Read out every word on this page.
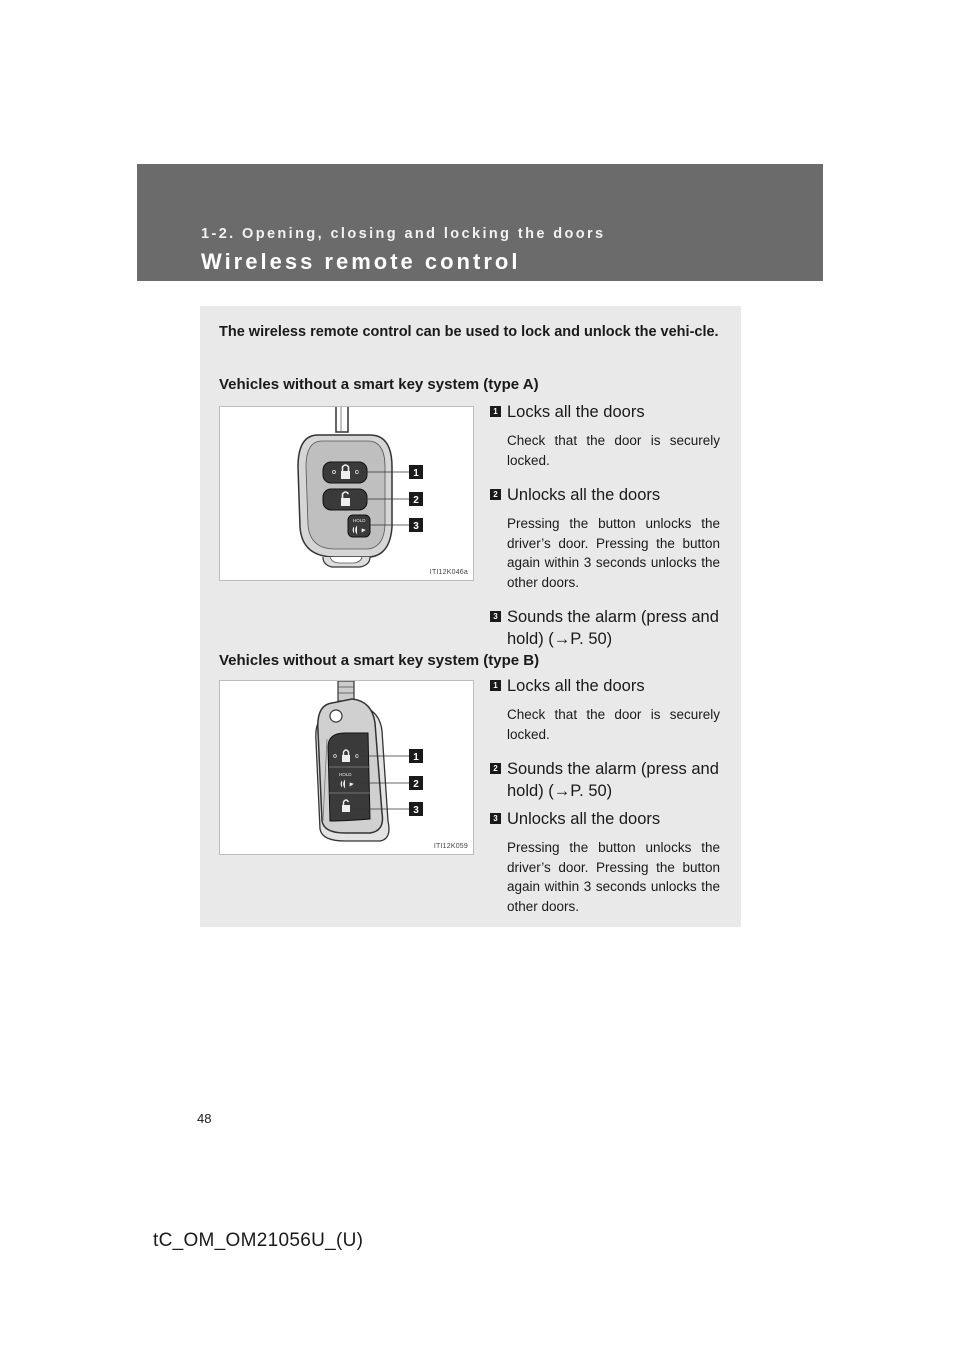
1-2. Opening, closing and locking the doors
Wireless remote control

The wireless remote control can be used to lock and unlock the vehi-cle.

Vehicles without a smart key system (type A)
HOLD
1
2
3
ITI12K046a
1 Locks all the doors

Check that the door is securely locked.

2 Unlocks all the doors

Pressing the button unlocks the driver’s door. Pressing the button again within 3 seconds unlocks the other doors.

3 Sounds the alarm (press and hold) (→P. 50)

Vehicles without a smart key system (type B)
HOLD
1
2
3
ITI12K059
1 Locks all the doors

Check that the door is securely locked.

2 Sounds the alarm (press and hold) (→P. 50)

3 Unlocks all the doors

Pressing the button unlocks the driver’s door. Pressing the button again within 3 seconds unlocks the other doors.

48
tC_OM_OM21056U_(U)
